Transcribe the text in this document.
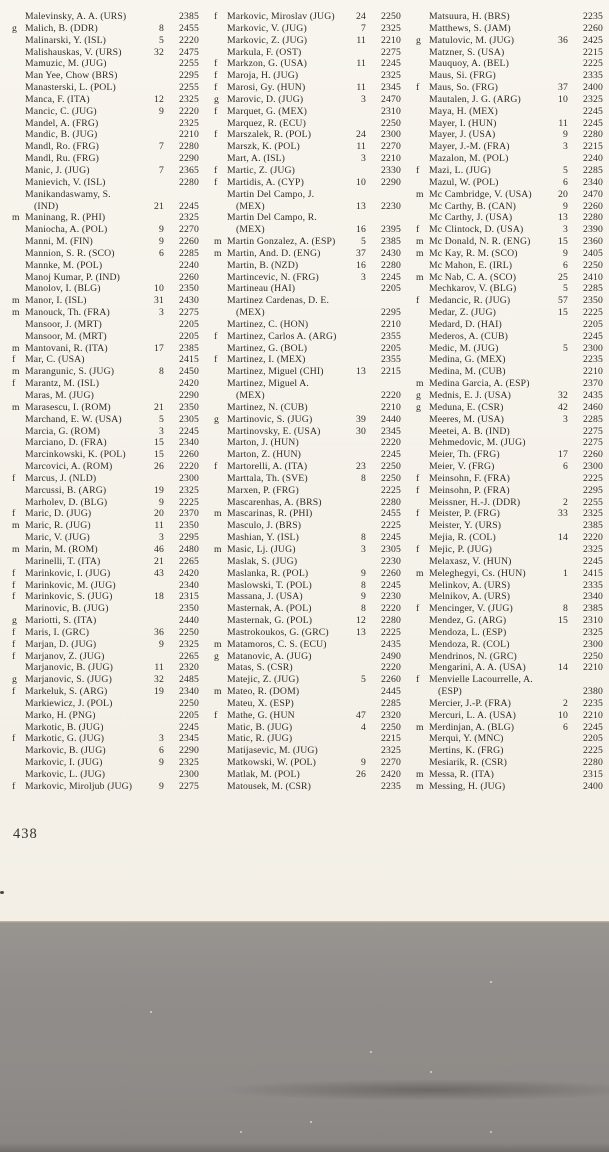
Malevinsky, A. A. (URS)	2385
g Malich, B. (DDR)	8	2455
Malinarski, Y. (ISL)	5	2220
Malishauskas, V. (URS)	32	2475
Mamuzic, M. (JUG)	2255
Man Yee, Chow (BRS)	2295
Manasterski, L. (POL)	2255
Manca, F. (ITA)	12	2325
Mancic, C. (JUG)	9	2220
Mandel, A. (FRG)	2325
Mandic, B. (JUG)	2210
Mandl, Ro. (FRG)	7	2280
Mandl, Ru. (FRG)	2290
Manic, J. (JUG)	7	2365
Manievich, V. (ISL)	2280
Manikandaswamy, S.
(IND)	21	2245
m Maninang, R. (PHI)	2325
Maniocha, A. (POL)	9	2270
Manni, M. (FIN)	9	2260
Mannion, S. R. (SCO)	6	2285
Mannke, M. (POL)	2240
Manoj Kumar, P. (IND)	2260
Manolov, I. (BLG)	10	2350
m Manor, I. (ISL)	31	2430
m Manouck, Th. (FRA)	3	2275
Mansoor, J. (MRT)	2205
Mansoor, M. (MRT)	2205
m Mantovani, R. (ITA)	17	2385
f Mar, C. (USA)	2415
m Marangunic, S. (JUG)	8	2450
f Marantz, M. (ISL)	2420
Maras, M. (JUG)	2290
m Marasescu, I. (ROM)	21	2350
Marchand, E. W. (USA)	5	2305
Marcia, G. (ROM)	3	2245
Marciano, D. (FRA)	15	2340
Marcinkowski, K. (POL)	15	2260
Marcovici, A. (ROM)	26	2220
f Marcus, J. (NLD)	2300
Marcussi, B. (ARG)	19	2325
Marholev, D. (BLG)	9	2225
f Maric, D. (JUG)	20	2370
m Maric, R. (JUG)	11	2350
Maric, V. (JUG)	3	2295
m Marin, M. (ROM)	46	2480
Marinelli, T. (ITA)	21	2265
f Marinkovic, I. (JUG)	43	2420
f Marinkovic, M. (JUG)	2340
f Marinkovic, S. (JUG)	18	2315
Marinovic, B. (JUG)	2350
g Mariotti, S. (ITA)	2440
f Maris, I. (GRC)	36	2250
f Marjan, D. (JUG)	9	2325
f Marjanov, Z. (JUG)	2265
Marjanovic, B. (JUG)	11	2320
g Marjanovic, S. (JUG)	32	2485
f Markeluk, S. (ARG)	19	2340
Markiewicz, J. (POL)	2250
Marko, H. (PNG)	2205
Markotic, B. (JUG)	2245
f Markotic, G. (JUG)	3	2345
Markovic, B. (JUG)	6	2290
Markovic, I. (JUG)	9	2325
Markovic, L. (JUG)	2300
f Markovic, Miroljub (JUG)	9	2275
f Markovic, Miroslav (JUG)	24	2250
Markovic, V. (JUG)	7	2325
Markovic, Z. (JUG)	11	2210
Markula, F. (OST)	2275
f Markzon, G. (USA)	11	2245
f Maroja, H. (JUG)	2325
f Marosi, Gy. (HUN)	11	2345
g Marovic, D. (JUG)	3	2470
f Marquet, G. (MEX)	2310
Marquez, R. (ECU)	2250
f Marszalek, R. (POL)	24	2300
Marszk, K. (POL)	11	2270
Mart, A. (ISL)	3	2210
f Martic, Z. (JUG)	2330
f Martidis, A. (CYP)	10	2290
Martin Del Campo, J.
(MEX)	13	2230
Martin Del Campo, R.
(MEX)	16	2395
m Martin Gonzalez, A. (ESP)	5	2385
m Martin, And. D. (ENG)	37	2430
Martin, B. (NZD)	16	2280
Martincevic, N. (FRG)	3	2245
Martineau (HAI)	2205
Martinez Cardenas, D. E.
(MEX)	2295
Martinez, C. (HON)	2210
f Martinez, Carlos A. (ARG)	2355
Martinez, G. (BOL)	2205
f Martinez, I. (MEX)	2355
Martinez, Miguel (CHI)	13	2215
Martinez, Miguel A.
(MEX)	2220
Martinez, N. (CUB)	2210
g Martinovic, S. (JUG)	39	2440
Martinovsky, E. (USA)	30	2345
Marton, J. (HUN)	2220
Marton, Z. (HUN)	2245
f Martorelli, A. (ITA)	23	2250
Marttala, Th. (SVE)	8	2250
Marxen, P. (FRG)	2225
Mascarenhas, A. (BRS)	2280
m Mascarinas, R. (PHI)	2455
Masculo, J. (BRS)	2225
Mashian, Y. (ISL)	8	2245
m Masic, Lj. (JUG)	3	2305
Maslak, S. (JUG)	2230
Maslanka, R. (POL)	9	2260
Maslowski, T. (POL)	8	2245
Massana, J. (USA)	9	2230
Masternak, A. (POL)	8	2220
Masternak, G. (POL)	12	2280
Mastrokoukos, G. (GRC)	13	2225
m Matamoros, C. S. (ECU)	2435
g Matanovic, A. (JUG)	2490
Matas, S. (CSR)	2220
Matejic, Z. (JUG)	5	2260
m Mateo, R. (DOM)	2445
Mateu, X. (ESP)	2285
f Mathe, G. (HUN	47	2320
Matic, B. (JUG)	4	2250
Matic, R. (JUG)	2215
Matijasevic, M. (JUG)	2325
Matkowski, W. (POL)	9	2270
Matlak, M. (POL)	26	2420
Matousek, M. (CSR)	2235
Matsuura, H. (BRS)	2235
Matthews, S. (JAM)	2260
g Matulovic, M. (JUG)	36	2425
Matzner, S. (USA)	2215
Mauquoy, A. (BEL)	2225
Maus, Si. (FRG)	2335
f Maus, So. (FRG)	37	2400
Mautalen, J. G. (ARG)	10	2325
Maya, H. (MEX)	2245
Mayer, I. (HUN)	11	2245
Mayer, J. (USA)	9	2280
Mayer, J.-M. (FRA)	3	2215
Mazalon, M. (POL)	2240
f Mazi, L. (JUG)	5	2285
Mazul, W. (POL)	6	2340
m Mc Cambridge, V. (USA)	20	2470
Mc Carthy, B. (CAN)	9	2260
Mc Carthy, J. (USA)	13	2280
f Mc Clintock, D. (USA)	3	2390
m Mc Donald, N. R. (ENG)	15	2360
m Mc Kay, R. M. (SCO)	9	2405
Mc Mahon, E. (IRL)	6	2250
m Mc Nab, C. A. (SCO)	25	2410
Mechkarov, V. (BLG)	5	2285
f Medancic, R. (JUG)	57	2350
Medar, Z. (JUG)	15	2225
Medard, D. (HAI)	2205
Mederos, A. (CUB)	2245
Medic, M. (JUG)	5	2300
Medina, G. (MEX)	2235
Medina, M. (CUB)	2210
m Medina Garcia, A. (ESP)	2370
g Mednis, E. J. (USA)	32	2435
g Meduna, E. (CSR)	42	2460
Meeres, M. (USA)	3	2285
Meetei, A. B. (IND)	2275
Mehmedovic, M. (JUG)	2275
Meier, Th. (FRG)	17	2260
Meier, V. (FRG)	6	2300
f Meinsohn, F. (FRA)	2225
f Meinsohn, P. (FRA)	2295
Meissner, H.-J. (DDR)	2	2255
f Meister, P. (FRG)	33	2325
Meister, Y. (URS)	2385
Mejia, R. (COL)	14	2220
f Mejic, P. (JUG)	2325
Melaxasz, V. (HUN)	2245
m Meleghegyi, Cs. (HUN)	1	2415
Melinkov, A. (URS)	2335
Melnikov, A. (URS)	2340
f Mencinger, V. (JUG)	8	2385
Mendez, G. (ARG)	15	2310
Mendoza, L. (ESP)	2325
Mendoza, R. (COL)	2300
Mendrinos, N. (GRC)	2250
Mengarini, A. A. (USA)	14	2210
f Menvielle Lacourrelle, A.
(ESP)	2380
Mercier, J.-P. (FRA)	2	2235
Mercuri, L. A. (USA)	10	2210
m Merdinjan, A. (BLG)	6	2245
Merqui, Y. (MNC)	2205
Mertins, K. (FRG)	2225
Mesiarik, R. (CSR)	2280
m Messa, R. (ITA)	2315
m Messing, H. (JUG)	2400
438
